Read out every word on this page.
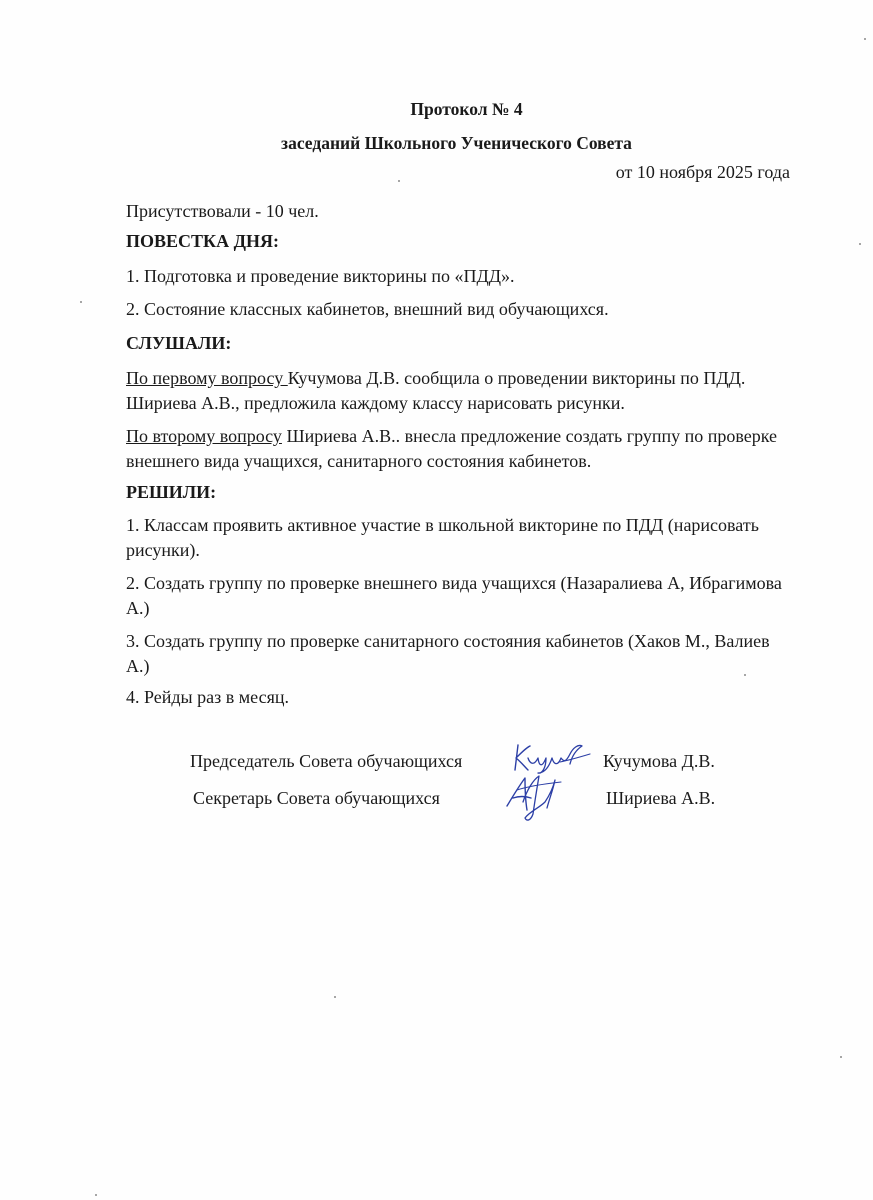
Протокол № 4
заседаний Школьного Ученического Совета
от 10 ноября 2025 года
Присутствовали - 10 чел.
ПОВЕСТКА ДНЯ:
1. Подготовка и проведение викторины по «ПДД».
2. Состояние классных кабинетов, внешний вид обучающихся.
СЛУШАЛИ:
По первому вопросу Кучумова Д.В. сообщила о проведении викторины по ПДД. Шириева А.В., предложила каждому классу нарисовать рисунки.
По второму вопросу Шириева А.В.. внесла предложение создать группу по проверке внешнего вида учащихся, санитарного состояния кабинетов.
РЕШИЛИ:
1. Классам проявить активное участие в школьной викторине по ПДД (нарисовать рисунки).
2. Создать группу по проверке внешнего вида учащихся (Назаралиева А, Ибрагимова А.)
3. Создать группу по проверке санитарного состояния кабинетов (Хаков М., Валиев А.)
4. Рейды раз в месяц.
Председатель Совета обучающихся	Кучумова Д.В.
Секретарь Совета обучающихся	Шириева А.В.
